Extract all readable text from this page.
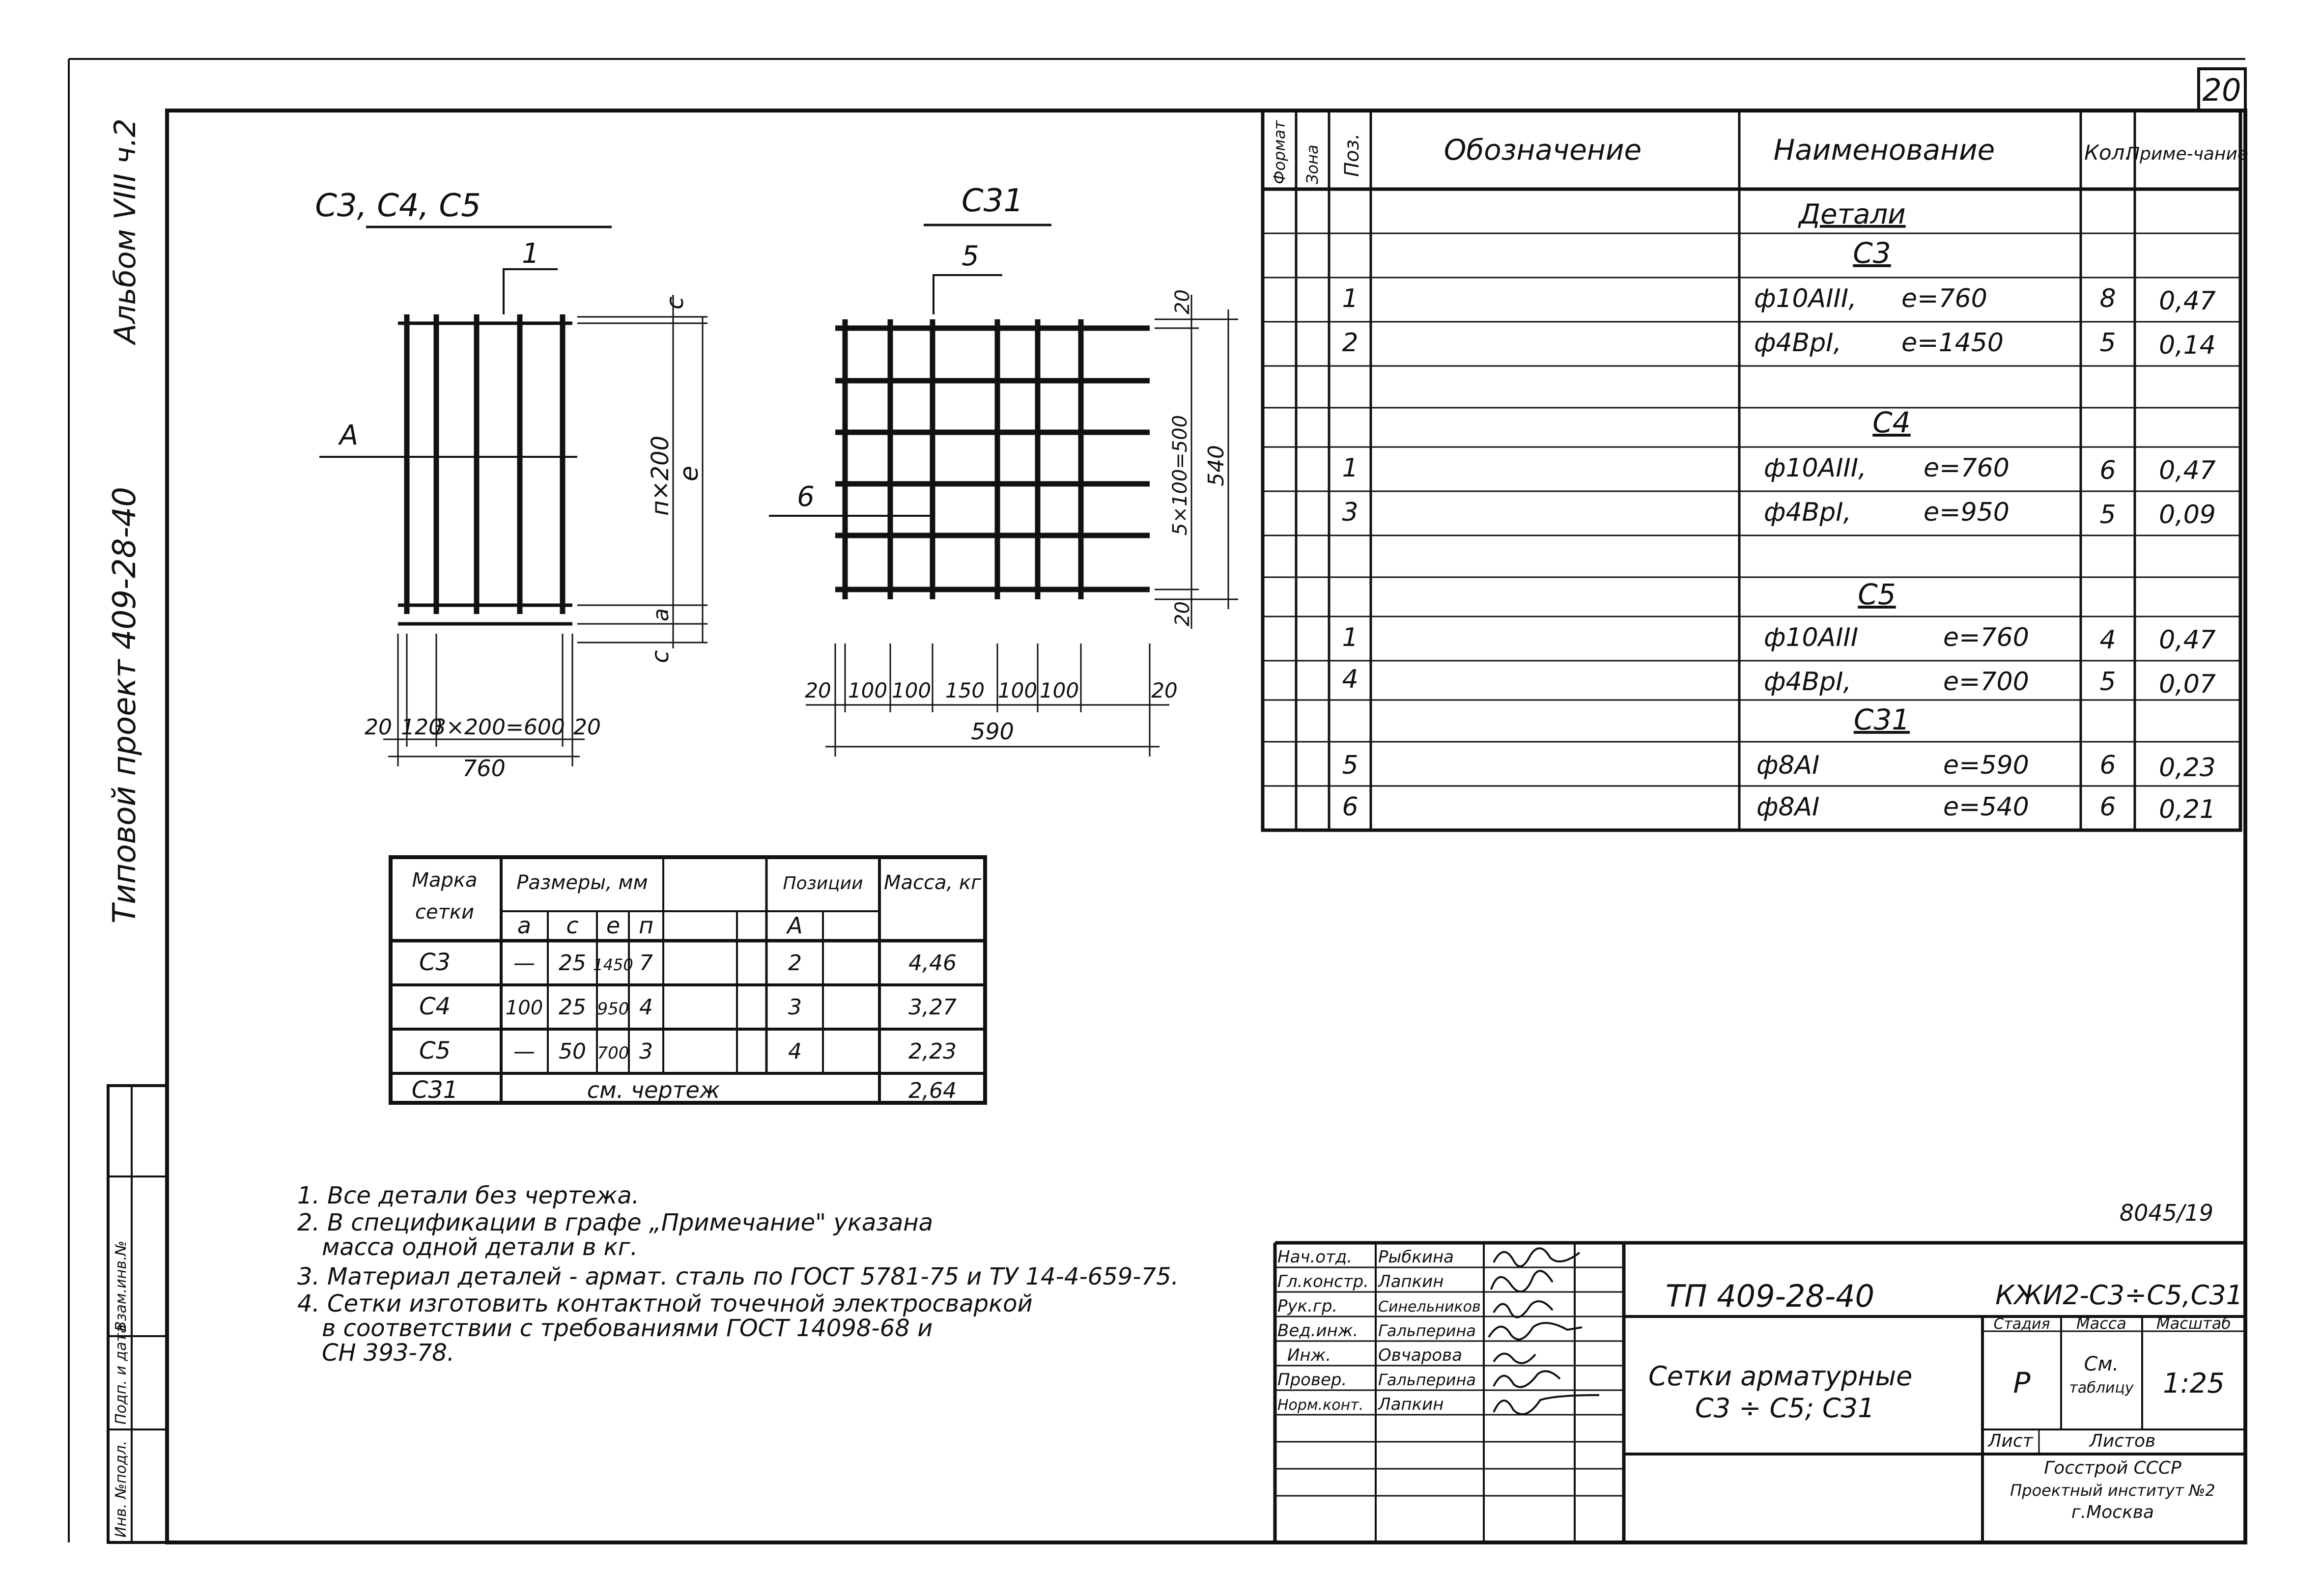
20
Типовой проект 409-28-40
Альбом VIII ч.2
Инв. №подл.
Подп. и дата
Взам.инв.№
С3, С4, С5
1
А
с
п×200 е
а
с
20 120
3×200=600 20
760
С31
5
6
20
5×100=500 540
20
20 100 100 150 100 100	20
590
Формат Зона Поз.	Обозначение	Наименование	Кол.
Приме-чание
Детали
С3
С4
С5
С31
1	ф10АIII, е=760	8 0,47
2	ф4ВрI, е=1450	5 0,14
1	ф10АIII, е=760	6 0,47
3	ф4ВрI,	е=950	5 0,09
1	ф10АIII	е=760	4 0,47
4	ф4ВрI,	е=700	5 0,07
5	ф8АI	е=590	6 0,23
6	ф8АI	е=540	6 0,21
Марка
сетки
Размеры, мм	Позиции Масса, кг
а с е п	А
С3	— 25 1450 7	2	4,46
С4	100 25 950 4	3	3,27
С5	— 50 700 3	4	2,23
С31	см. чертеж	2,64
1. Все детали без чертежа.
2. В спецификации в графе „Примечание" указана
масса одной детали в кг.
3. Материал деталей - армат. сталь по ГОСТ 5781-75 и ТУ 14-4-659-75.
4. Сетки изготовить контактной точечной электросваркой
в соответствии с требованиями ГОСТ 14098-68 и
СН 393-78.
8045/19
Нач.отд. Рыбкина
Гл.констр. Лапкин
Рук.гр.	Синельников
Вед.инж. Гальперина
Инж.	Овчарова
Провер. Гальперина
Норм.конт. Лапкин
ТП 409-28-40	КЖИ2-С3÷С5,С31
Сетки арматурные
С3 ÷ С5; С31
Стадия Масса Масштаб
Р
См.
таблицу 1:25
Лист	Листов
Госстрой СССР
Проектный институт №2
г.Москва
